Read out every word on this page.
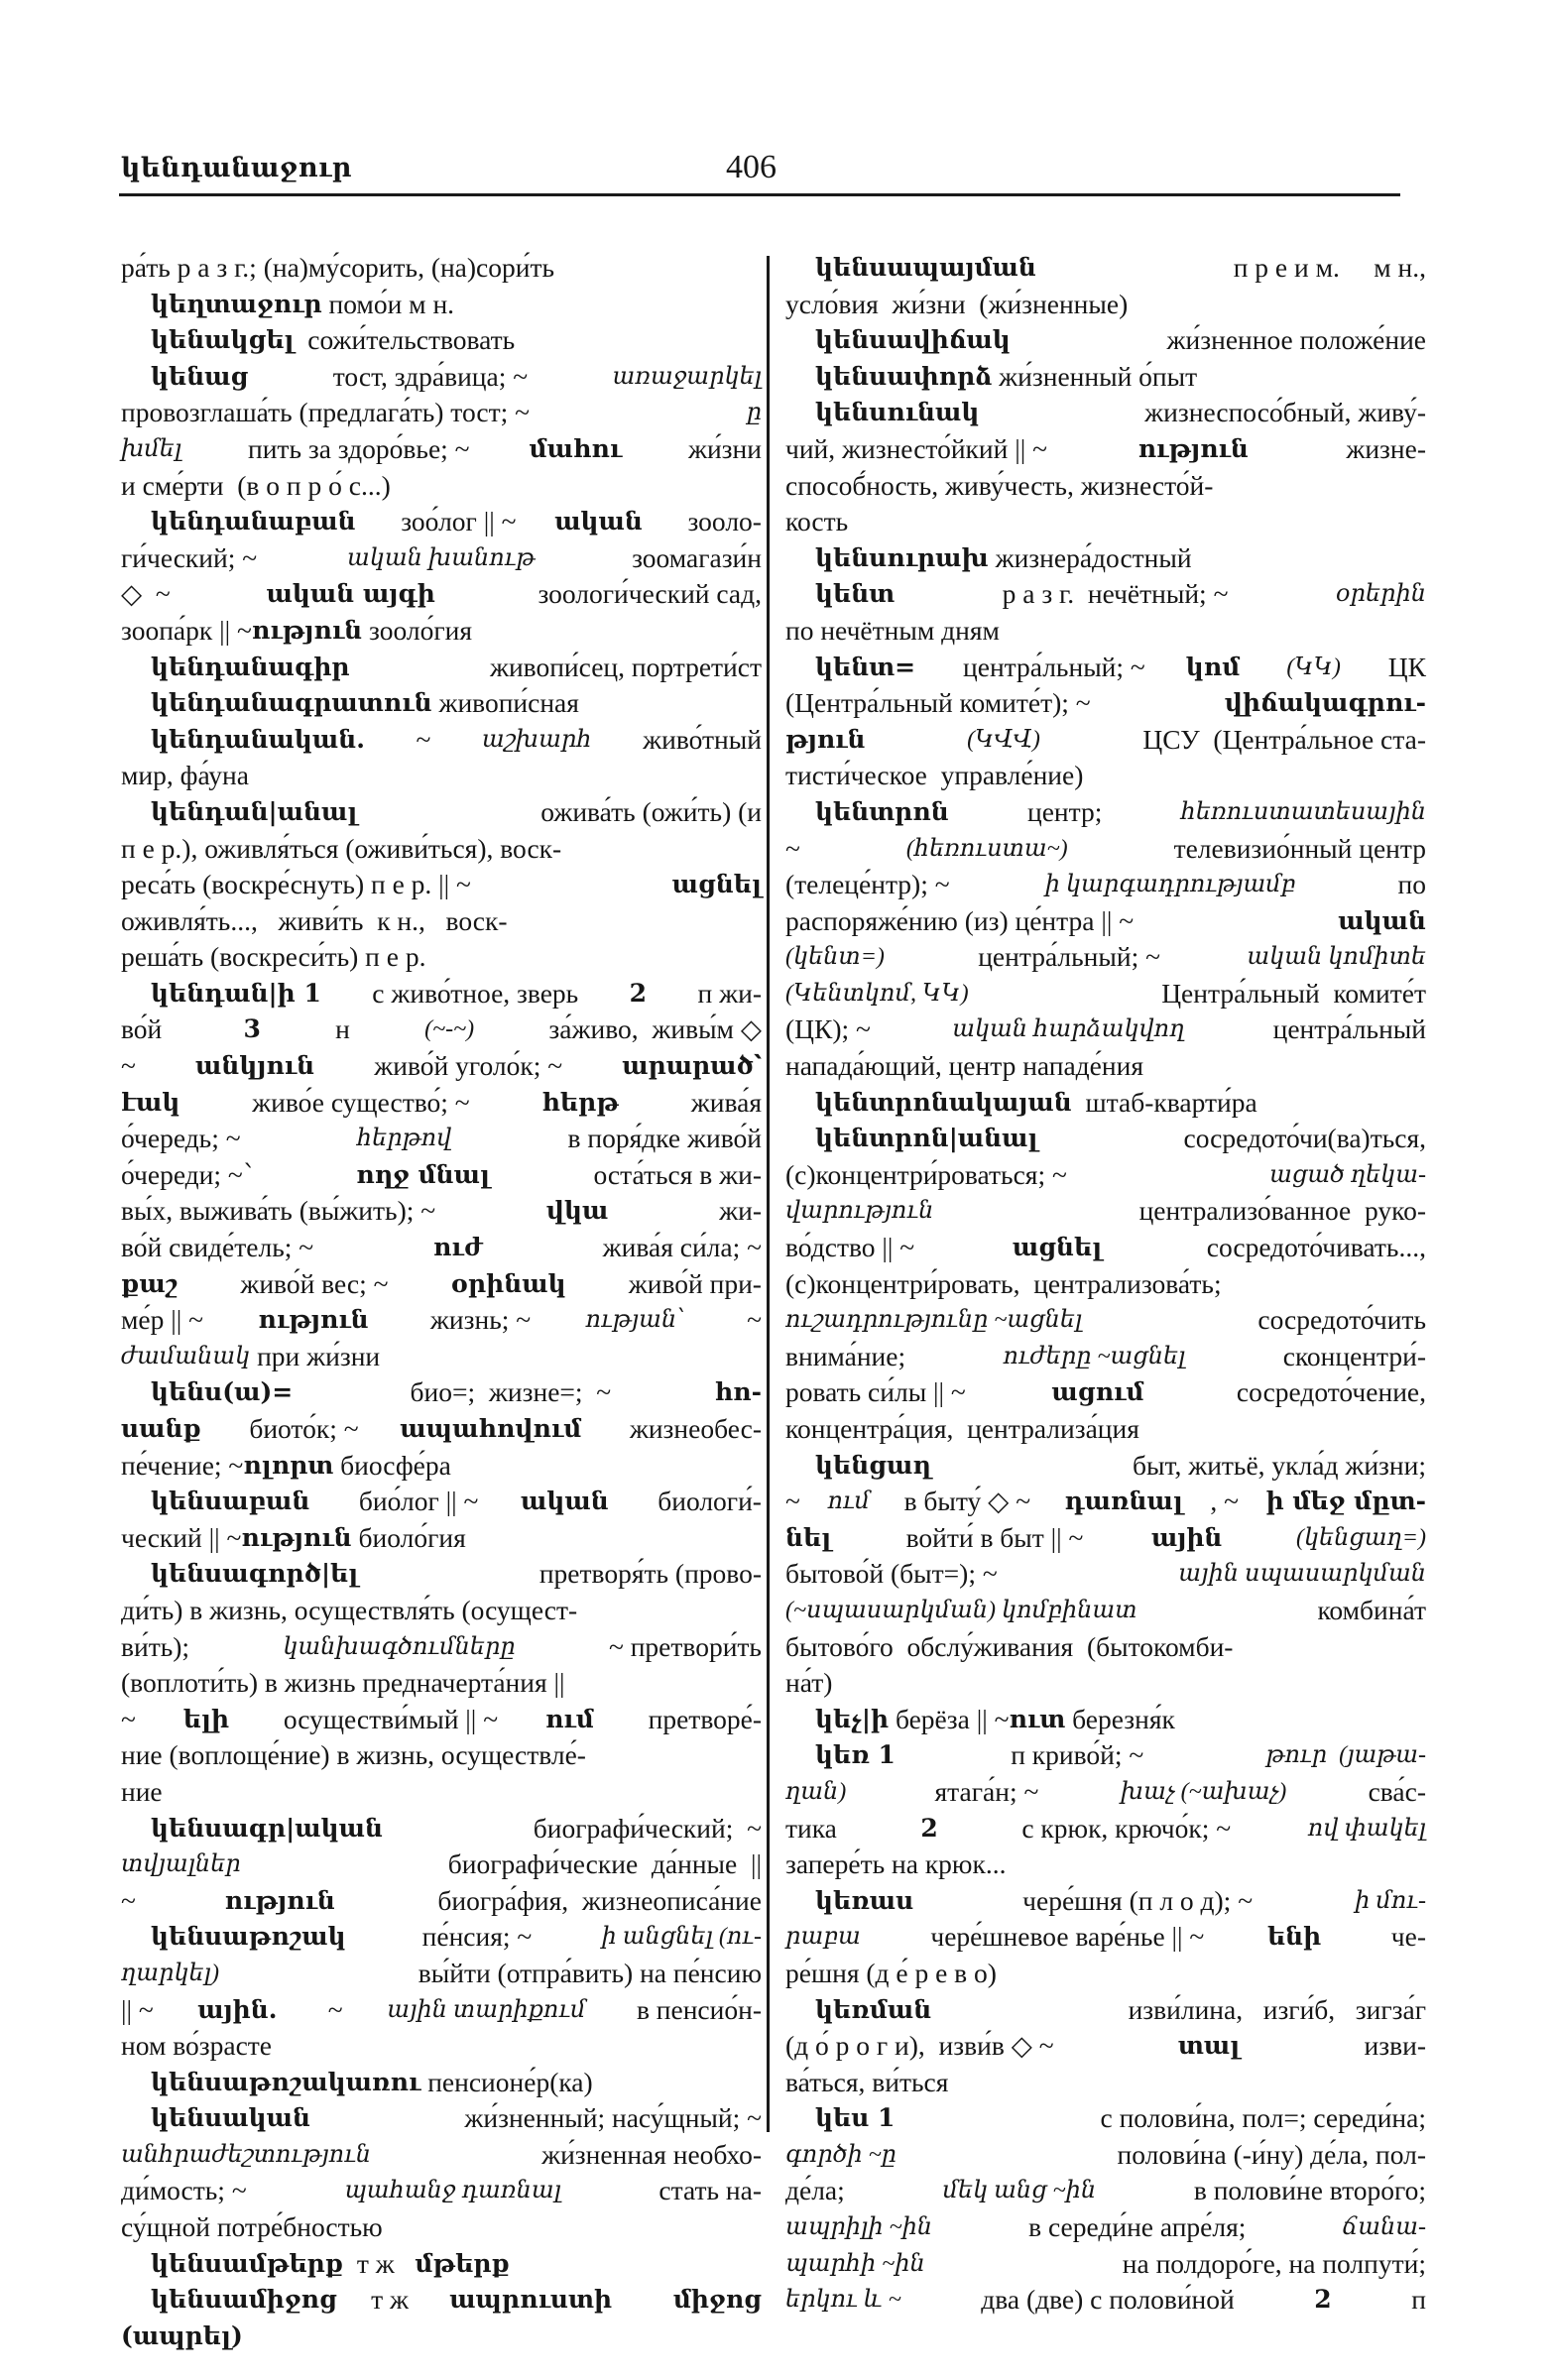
կենդանաջուր	406
ра́ть р а з г.; (на)му́сорить, (на)сори́ть
կեղտաջուր помо́и м н.
կենակցել сожи́тельствовать
կենաց	тост, здра́вица; ~	առաջարկել
провозглаша́ть (предлага́ть) тост; ~	ը
խմել пить за здоро́вье; ~ մահու жи́зни
и сме́рти  (в о п р о́ с...)
կենդանաբան зоо́лог || ~ ական зооло-
ги́ческий; ~	ական խանութ	зоомагази́н
◇  ~	ական այգի	зоологи́ческий сад,
зоопа́рк || ~ ություն зооло́гия
կենդանագիր	живопи́сец, портрети́ст
կենդանագրատուն живопи́сная
կենդանական. ~ աշխարհ живо́тный
мир, фа́уна
կենդան|անալ	ожива́ть (ожи́ть) (и
п е р.), оживля́ться (оживи́ться), воск-
реса́ть (воскре́снуть) п е р. || ~	ացնել
оживля́ть...,   живи́ть  к н.,   воск-
реша́ть (воскреси́ть) п е р.
կենդան|ի 1 с живо́тное, зверь 2 п жи-
во́й	3 н	(~-~) за́живо,  живы́м ◇
~ անկյուն живо́й уголо́к; ~ արարած՝
էակ живо́е существо́; ~	հերթ жива́я
о́чередь; ~	հերթով	в поря́дке живо́й
о́череди; ~՝	ողջ մնալ	оста́ться в жи-
вы́х, выжива́ть (вы́жить); ~	վկա	жи-
во́й свиде́тель; ~	ուժ	жива́я си́ла; ~
քաշ живо́й вес; ~ օրինակ живо́й при-
ме́р || ~ ություն жизнь; ~ ության՝ ~
ժամանակ при жи́зни
կենս(ա)=	био=;  жизне=;  ~	հո-
սանք биото́к; ~ ապահովում жизнеобес-
пе́чение; ~ ոլորտ биосфе́ра
կենսաբան био́лог || ~ ական биологи́-
ческий || ~ ություն биоло́гия
կենսագործ|ել	претворя́ть (прово-
ди́ть) в жизнь, осуществля́ть (осущест-
ви́ть);	կանխագծումները	~ претвори́ть
(воплоти́ть) в жизнь предначерта́ния ||
~ ելի осуществи́мый || ~ ում претворе́-
ние (воплоще́ние) в жизнь, осуществле́-
ние
կենսագր|ական	биографи́ческий;  ~
տվյալներ	биографи́ческие  да́нные  ||
~	ություն	биогра́фия,  жизнеописа́ние
կենսաթոշակ	пе́нсия; ~	ի անցնել (ու-
ղարկել)	вы́йти (отпра́вить) на пе́нсию
|| ~ ային. ~ ային տարիքում в пенсио́н-
ном во́зрасте
կենսաթոշակառու пенсионе́р(ка)
կենսական	жи́зненный; насу́щный; ~
անհրաժեշտություն	жи́зненная необхо-
ди́мость; ~	պահանջ դառնալ	стать на-
су́щной потре́бностью
կենսամթերք т ж մթերք
կենսամիջոց т ж ապրուստի
միջոց
(ապրել)
կենսապայման	п р е и м.     м н.,
усло́вия  жи́зни  (жи́зненные)
կենսավիճակ	жи́зненное положе́ние
կենսափորձ жи́зненный о́пыт
կենսունակ	жизнеспосо́бный, живу́-
чий, жизнесто́йкий || ~	ություն	жизне-
способ́ность, живу́честь, жизнесто́й-
кость
կենսուրախ жизнера́достный
կենտ	р а з г.  нечётный; ~	օրերին
по нечётным дням
կենտ= центра́льный; ~ կոմ (ԿԿ) ЦК
(Центра́льный комите́т); ~	վիճակագրու-
թյուն	(ԿՎՎ)	ЦСУ  (Центра́льное ста-
тисти́ческое  управле́ние)
կենտրոն центр;	հեռուստատեսային
~	(հեռուստա~)	телевизио́нный центр
(телеце́нтр); ~	ի կարգադրությամբ	по
распоряже́нию (из) це́нтра || ~	ական
(կենտ=)	центра́льный; ~	ական կոմիտե
(Կենտկոմ, ԿԿ)	Центра́льный  комите́т
(ЦК); ~	ական հարձակվող	центра́льный
напада́ющий, центр нападе́ния
կենտրոնակայան штаб-кварти́ра
կենտրոն|անալ	сосредото́чи(ва)ться,
(с)концентри́роваться; ~	ացած ղեկա-
վարություն	централизо́ванное  руко-
во́дство || ~	ացնել	сосредото́чивать...,
(с)концентри́ровать,  централизова́ть;
ուշադրությունը ~ացնել	сосредото́чить
внима́ние;	ուժերը ~ացնել	сконцентри́-
ровать си́лы || ~	ացում	сосредото́чение,
концентра́ция,  централиза́ция
կենցաղ	быт, житьё, укла́д жи́зни;
~ ում в быту́ ◇ ~ դառնալ , ~ ի մեջ մըտ-
նել войти́ в быт || ~	ային	(կենցաղ=)
бытово́й (быт=); ~	ային սպասարկման
(~սպասարկման) կոմբինատ	комбина́т
бытово́го  обслу́живания  (бытокомби-
на́т)
կեչ|ի берёза || ~ ուտ березня́к
կեռ 1	п криво́й; ~	թուր  (յաթա-
ղան)	ятага́н; ~	խաչ (~ախաչ)	сва́с-
тика	2	с крюк, крючо́к; ~	ով փակել
запере́ть на крюк...
կեռաս	чере́шня (п л о д); ~	ի մու-
րաբա чере́шневое варе́нье || ~	ենի че-
ре́шня (д е́ р е в о)
կեռման	изви́лина,   изги́б,   зигза́г
(д о́ р о г и),  изви́в ◇ ~	տալ	изви-
ва́ться, ви́ться
կես 1	с полови́на, пол=; середи́на;
գործի ~ը	полови́на (-и́ну) де́ла, пол-
де́ла;	մեկ անց ~ին	в полови́не второ́го;
ապրիլի ~ին	в середи́не апре́ля;	ճանա-
պարհի ~ին	на полдоро́ге, на полпути́;
երկու և ~	два (две) с полови́ной	2	п
